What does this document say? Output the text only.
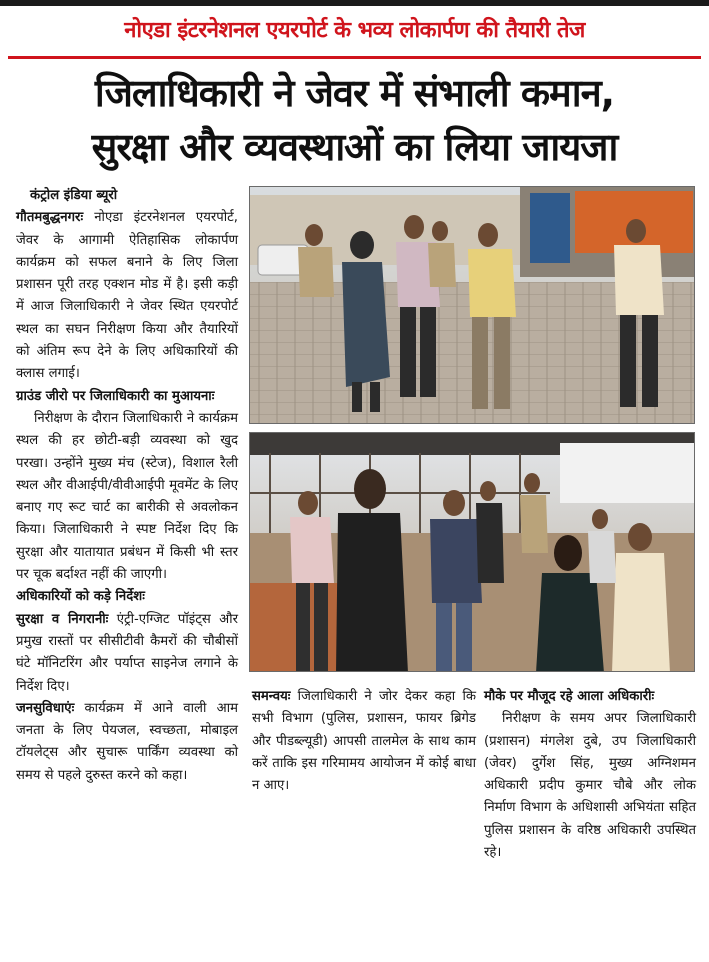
नोएडा इंटरनेशनल एयरपोर्ट के भव्य लोकार्पण की तैयारी तेज
जिलाधिकारी ने जेवर में संभाली कमान,
सुरक्षा और व्यवस्थाओं का लिया जायजा

कंट्रोल इंडिया ब्यूरो

गौतमबुद्धनगरः नोएडा इंटरनेशनल एयरपोर्ट, जेवर के आगामी ऐतिहासिक लोकार्पण कार्यक्रम को सफल बनाने के लिए जिला प्रशासन पूरी तरह एक्शन मोड में है। इसी कड़ी में आज जिलाधिकारी ने जेवर स्थित एयरपोर्ट स्थल का सघन निरीक्षण किया और तैयारियों को अंतिम रूप देने के लिए अधिकारियों की क्लास लगाई।

ग्राउंड जीरो पर जिलाधिकारी का मुआयनाः

निरीक्षण के दौरान जिलाधिकारी ने कार्यक्रम स्थल की हर छोटी-बड़ी व्यवस्था को खुद परखा। उन्होंने मुख्य मंच (स्टेज), विशाल रैली स्थल और वीआईपी/वीवीआईपी मूवमेंट के लिए बनाए गए रूट चार्ट का बारीकी से अवलोकन किया। जिलाधिकारी ने स्पष्ट निर्देश दिए कि सुरक्षा और यातायात प्रबंधन में किसी भी स्तर पर चूक बर्दाश्त नहीं की जाएगी।

अधिकारियों को कड़े निर्देशः

सुरक्षा व निगरानीः एंट्री-एग्जिट पॉइंट्स और प्रमुख रास्तों पर सीसीटीवी कैमरों की चौबीसों घंटे मॉनिटरिंग और पर्याप्त साइनेज लगाने के निर्देश दिए।

जनसुविधाएंः कार्यक्रम में आने वाली आम जनता के लिए पेयजल, स्वच्छता, मोबाइल टॉयलेट्स और सुचारू पार्किंग व्यवस्था को समय से पहले दुरुस्त करने को कहा।

समन्वयः जिलाधिकारी ने जोर देकर कहा कि सभी विभाग (पुलिस, प्रशासन, फायर ब्रिगेड और पीडब्ल्यूडी) आपसी तालमेल के साथ काम करें ताकि इस गरिमामय आयोजन में कोई बाधा न आए।

मौके पर मौजूद रहे आला अधिकारीः

निरीक्षण के समय अपर जिलाधिकारी (प्रशासन) मंगलेश दुबे, उप जिलाधिकारी (जेवर) दुर्गेश सिंह, मुख्य अग्निशमन अधिकारी प्रदीप कुमार चौबे और लोक निर्माण विभाग के अधिशासी अभियंता सहित पुलिस प्रशासन के वरिष्ठ अधिकारी उपस्थित रहे।
